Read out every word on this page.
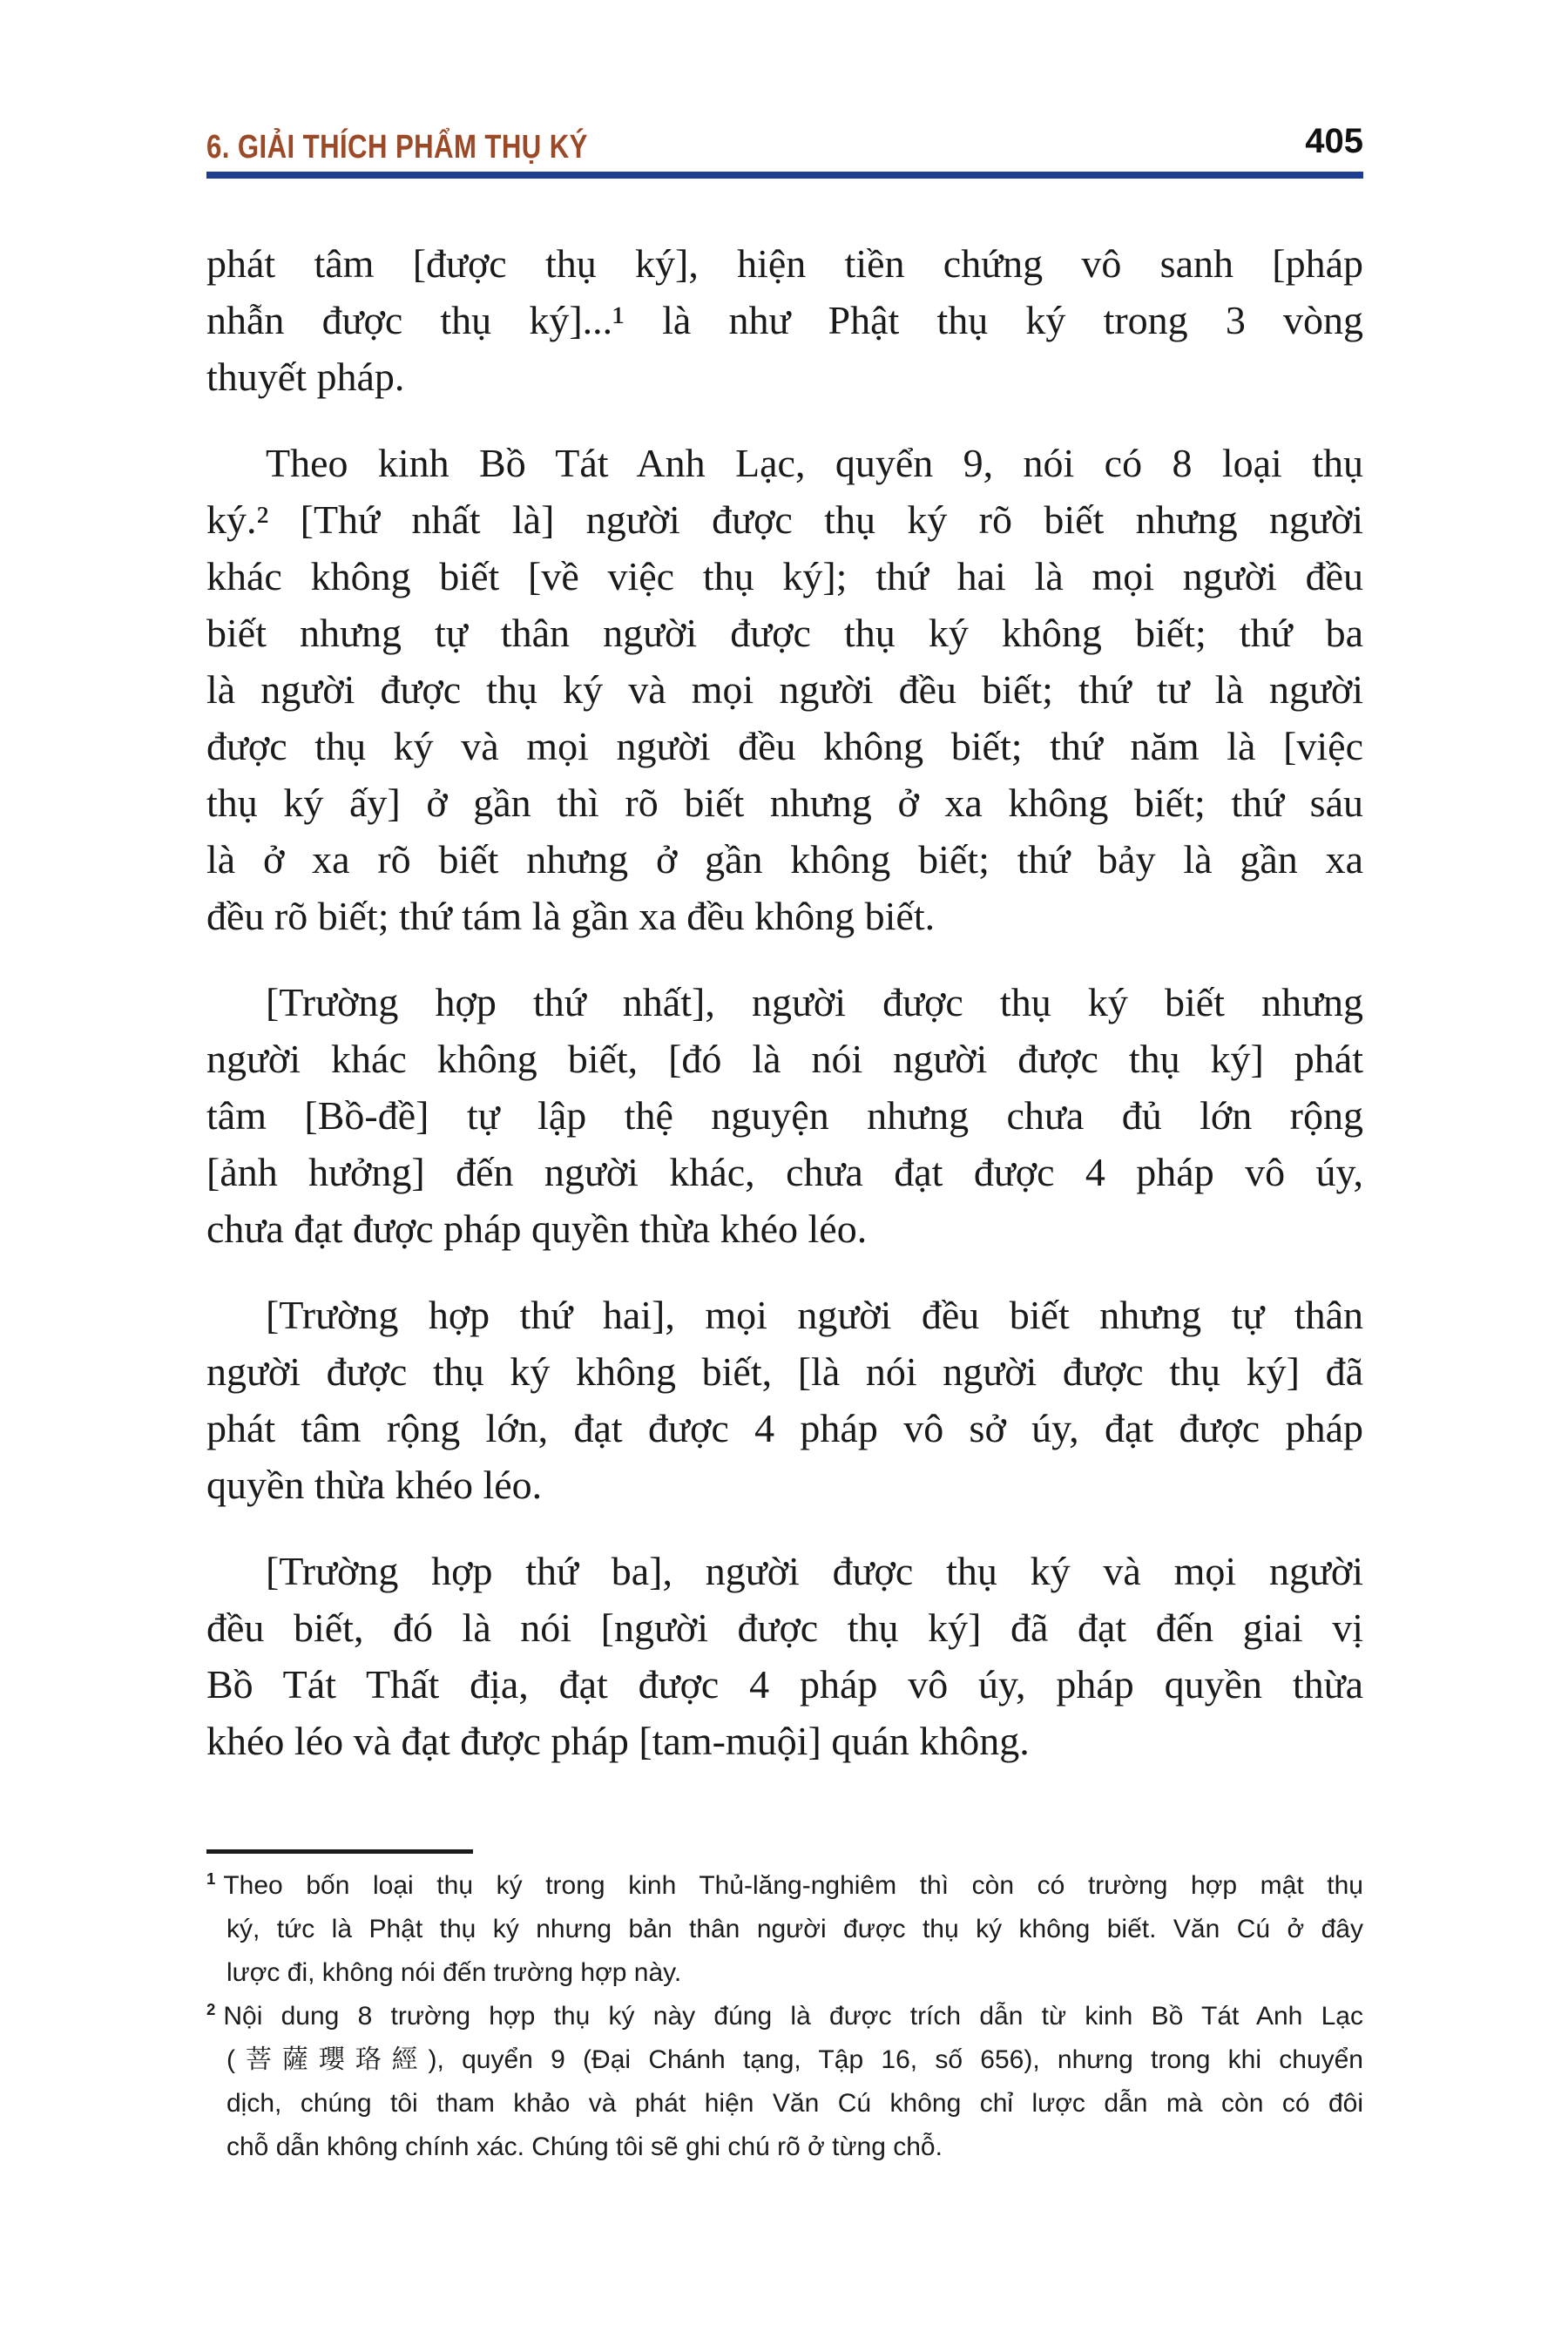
6. GIẢI THÍCH PHẨM THỤ KÝ	405
phát tâm [được thụ ký], hiện tiền chứng vô sanh [pháp
nhẫn được thụ ký]...¹ là như Phật thụ ký trong 3 vòng
thuyết pháp.
Theo kinh Bồ Tát Anh Lạc, quyển 9, nói có 8 loại thụ
ký.² [Thứ nhất là] người được thụ ký rõ biết nhưng người
khác không biết [về việc thụ ký]; thứ hai là mọi người đều
biết nhưng tự thân người được thụ ký không biết; thứ ba
là người được thụ ký và mọi người đều biết; thứ tư là người
được thụ ký và mọi người đều không biết; thứ năm là [việc
thụ ký ấy] ở gần thì rõ biết nhưng ở xa không biết; thứ sáu
là ở xa rõ biết nhưng ở gần không biết; thứ bảy là gần xa
đều rõ biết; thứ tám là gần xa đều không biết.
[Trường hợp thứ nhất], người được thụ ký biết nhưng
người khác không biết, [đó là nói người được thụ ký] phát
tâm [Bồ-đề] tự lập thệ nguyện nhưng chưa đủ lớn rộng
[ảnh hưởng] đến người khác, chưa đạt được 4 pháp vô úy,
chưa đạt được pháp quyền thừa khéo léo.
[Trường hợp thứ hai], mọi người đều biết nhưng tự thân
người được thụ ký không biết, [là nói người được thụ ký] đã
phát tâm rộng lớn, đạt được 4 pháp vô sở úy, đạt được pháp
quyền thừa khéo léo.
[Trường hợp thứ ba], người được thụ ký và mọi người
đều biết, đó là nói [người được thụ ký] đã đạt đến giai vị
Bồ Tát Thất địa, đạt được 4 pháp vô úy, pháp quyền thừa
khéo léo và đạt được pháp [tam-muội] quán không.
$^1$ Theo bốn loại thụ ký trong kinh Thủ-lăng-nghiêm thì còn có trường hợp mật thụ
ký, tức là Phật thụ ký nhưng bản thân người được thụ ký không biết. Văn Cú ở đây
lược đi, không nói đến trường hợp này.
$^2$ Nội dung 8 trường hợp thụ ký này đúng là được trích dẫn từ kinh Bồ Tát Anh Lạc
(菩薩瓔珞經), quyển 9 (Đại Chánh tạng, Tập 16, số 656), nhưng trong khi chuyển
dịch, chúng tôi tham khảo và phát hiện Văn Cú không chỉ lược dẫn mà còn có đôi
chỗ dẫn không chính xác. Chúng tôi sẽ ghi chú rõ ở từng chỗ.
